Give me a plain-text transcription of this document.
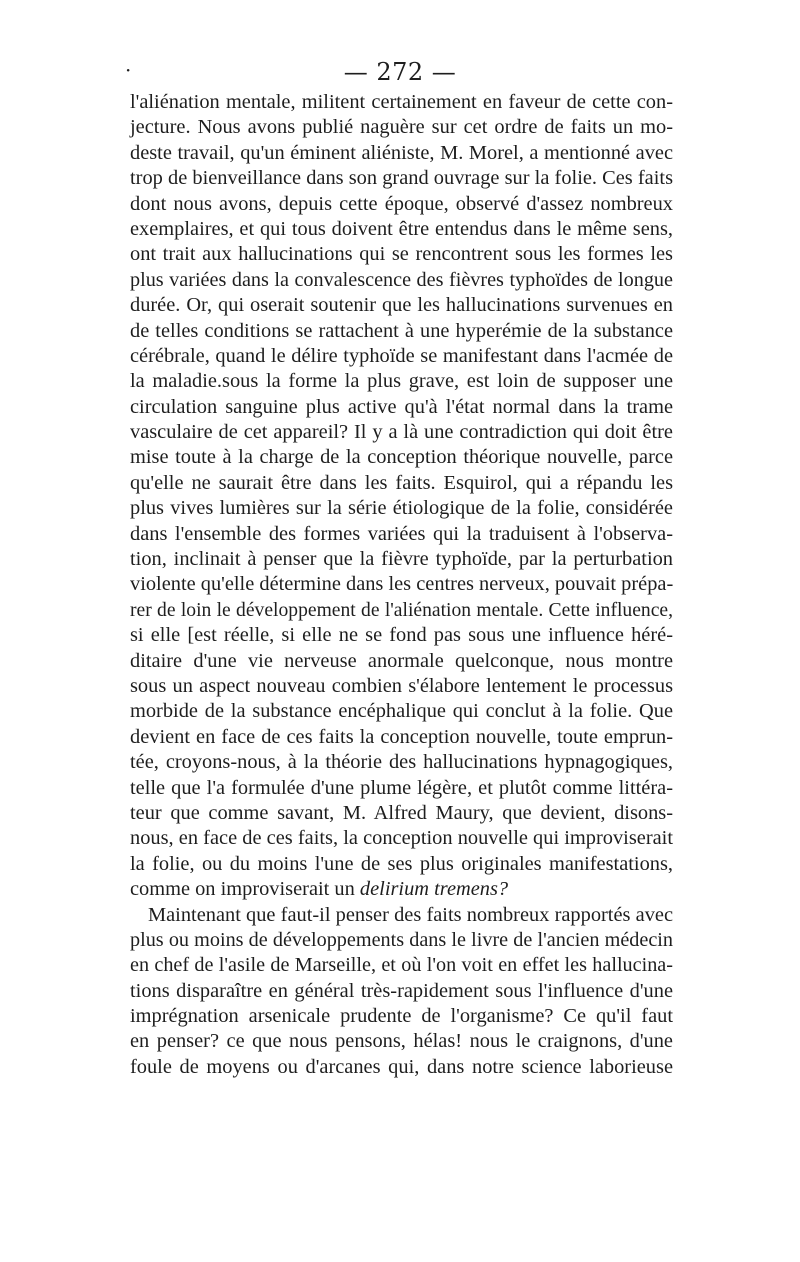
·	— 272 —
l'aliénation mentale, militent certainement en faveur de cette con-
jecture. Nous avons publié naguère sur cet ordre de faits un mo-
deste travail, qu'un éminent aliéniste, M. Morel, a mentionné avec
trop de bienveillance dans son grand ouvrage sur la folie. Ces faits
dont nous avons, depuis cette époque, observé d'assez nombreux
exemplaires, et qui tous doivent être entendus dans le même sens,
ont trait aux hallucinations qui se rencontrent sous les formes les
plus variées dans la convalescence des fièvres typhoïdes de longue
durée. Or, qui oserait soutenir que les hallucinations survenues en
de telles conditions se rattachent à une hyperémie de la substance
cérébrale, quand le délire typhoïde se manifestant dans l'acmée de
la maladie.sous la forme la plus grave, est loin de supposer une
circulation sanguine plus active qu'à l'état normal dans la trame
vasculaire de cet appareil? Il y a là une contradiction qui doit être
mise toute à la charge de la conception théorique nouvelle, parce
qu'elle ne saurait être dans les faits. Esquirol, qui a répandu les
plus vives lumières sur la série étiologique de la folie, considérée
dans l'ensemble des formes variées qui la traduisent à l'observa-
tion, inclinait à penser que la fièvre typhoïde, par la perturbation
violente qu'elle détermine dans les centres nerveux, pouvait prépa-
rer de loin le développement de l'aliénation mentale. Cette influence,
si elle [est réelle, si elle ne se fond pas sous une influence héré-
ditaire d'une vie nerveuse anormale quelconque, nous montre
sous un aspect nouveau combien s'élabore lentement le processus
morbide de la substance encéphalique qui conclut à la folie. Que
devient en face de ces faits la conception nouvelle, toute emprun-
tée, croyons-nous, à la théorie des hallucinations hypnagogiques,
telle que l'a formulée d'une plume légère, et plutôt comme littéra-
teur que comme savant, M. Alfred Maury, que devient, disons-
nous, en face de ces faits, la conception nouvelle qui improviserait
la folie, ou du moins l'une de ses plus originales manifestations,
comme on improviserait un delirium tremens?
Maintenant que faut-il penser des faits nombreux rapportés avec
plus ou moins de développements dans le livre de l'ancien médecin
en chef de l'asile de Marseille, et où l'on voit en effet les hallucina-
tions disparaître en général très-rapidement sous l'influence d'une
imprégnation arsenicale prudente de l'organisme? Ce qu'il faut
en penser? ce que nous pensons, hélas! nous le craignons, d'une
foule de moyens ou d'arcanes qui, dans notre science laborieuse
